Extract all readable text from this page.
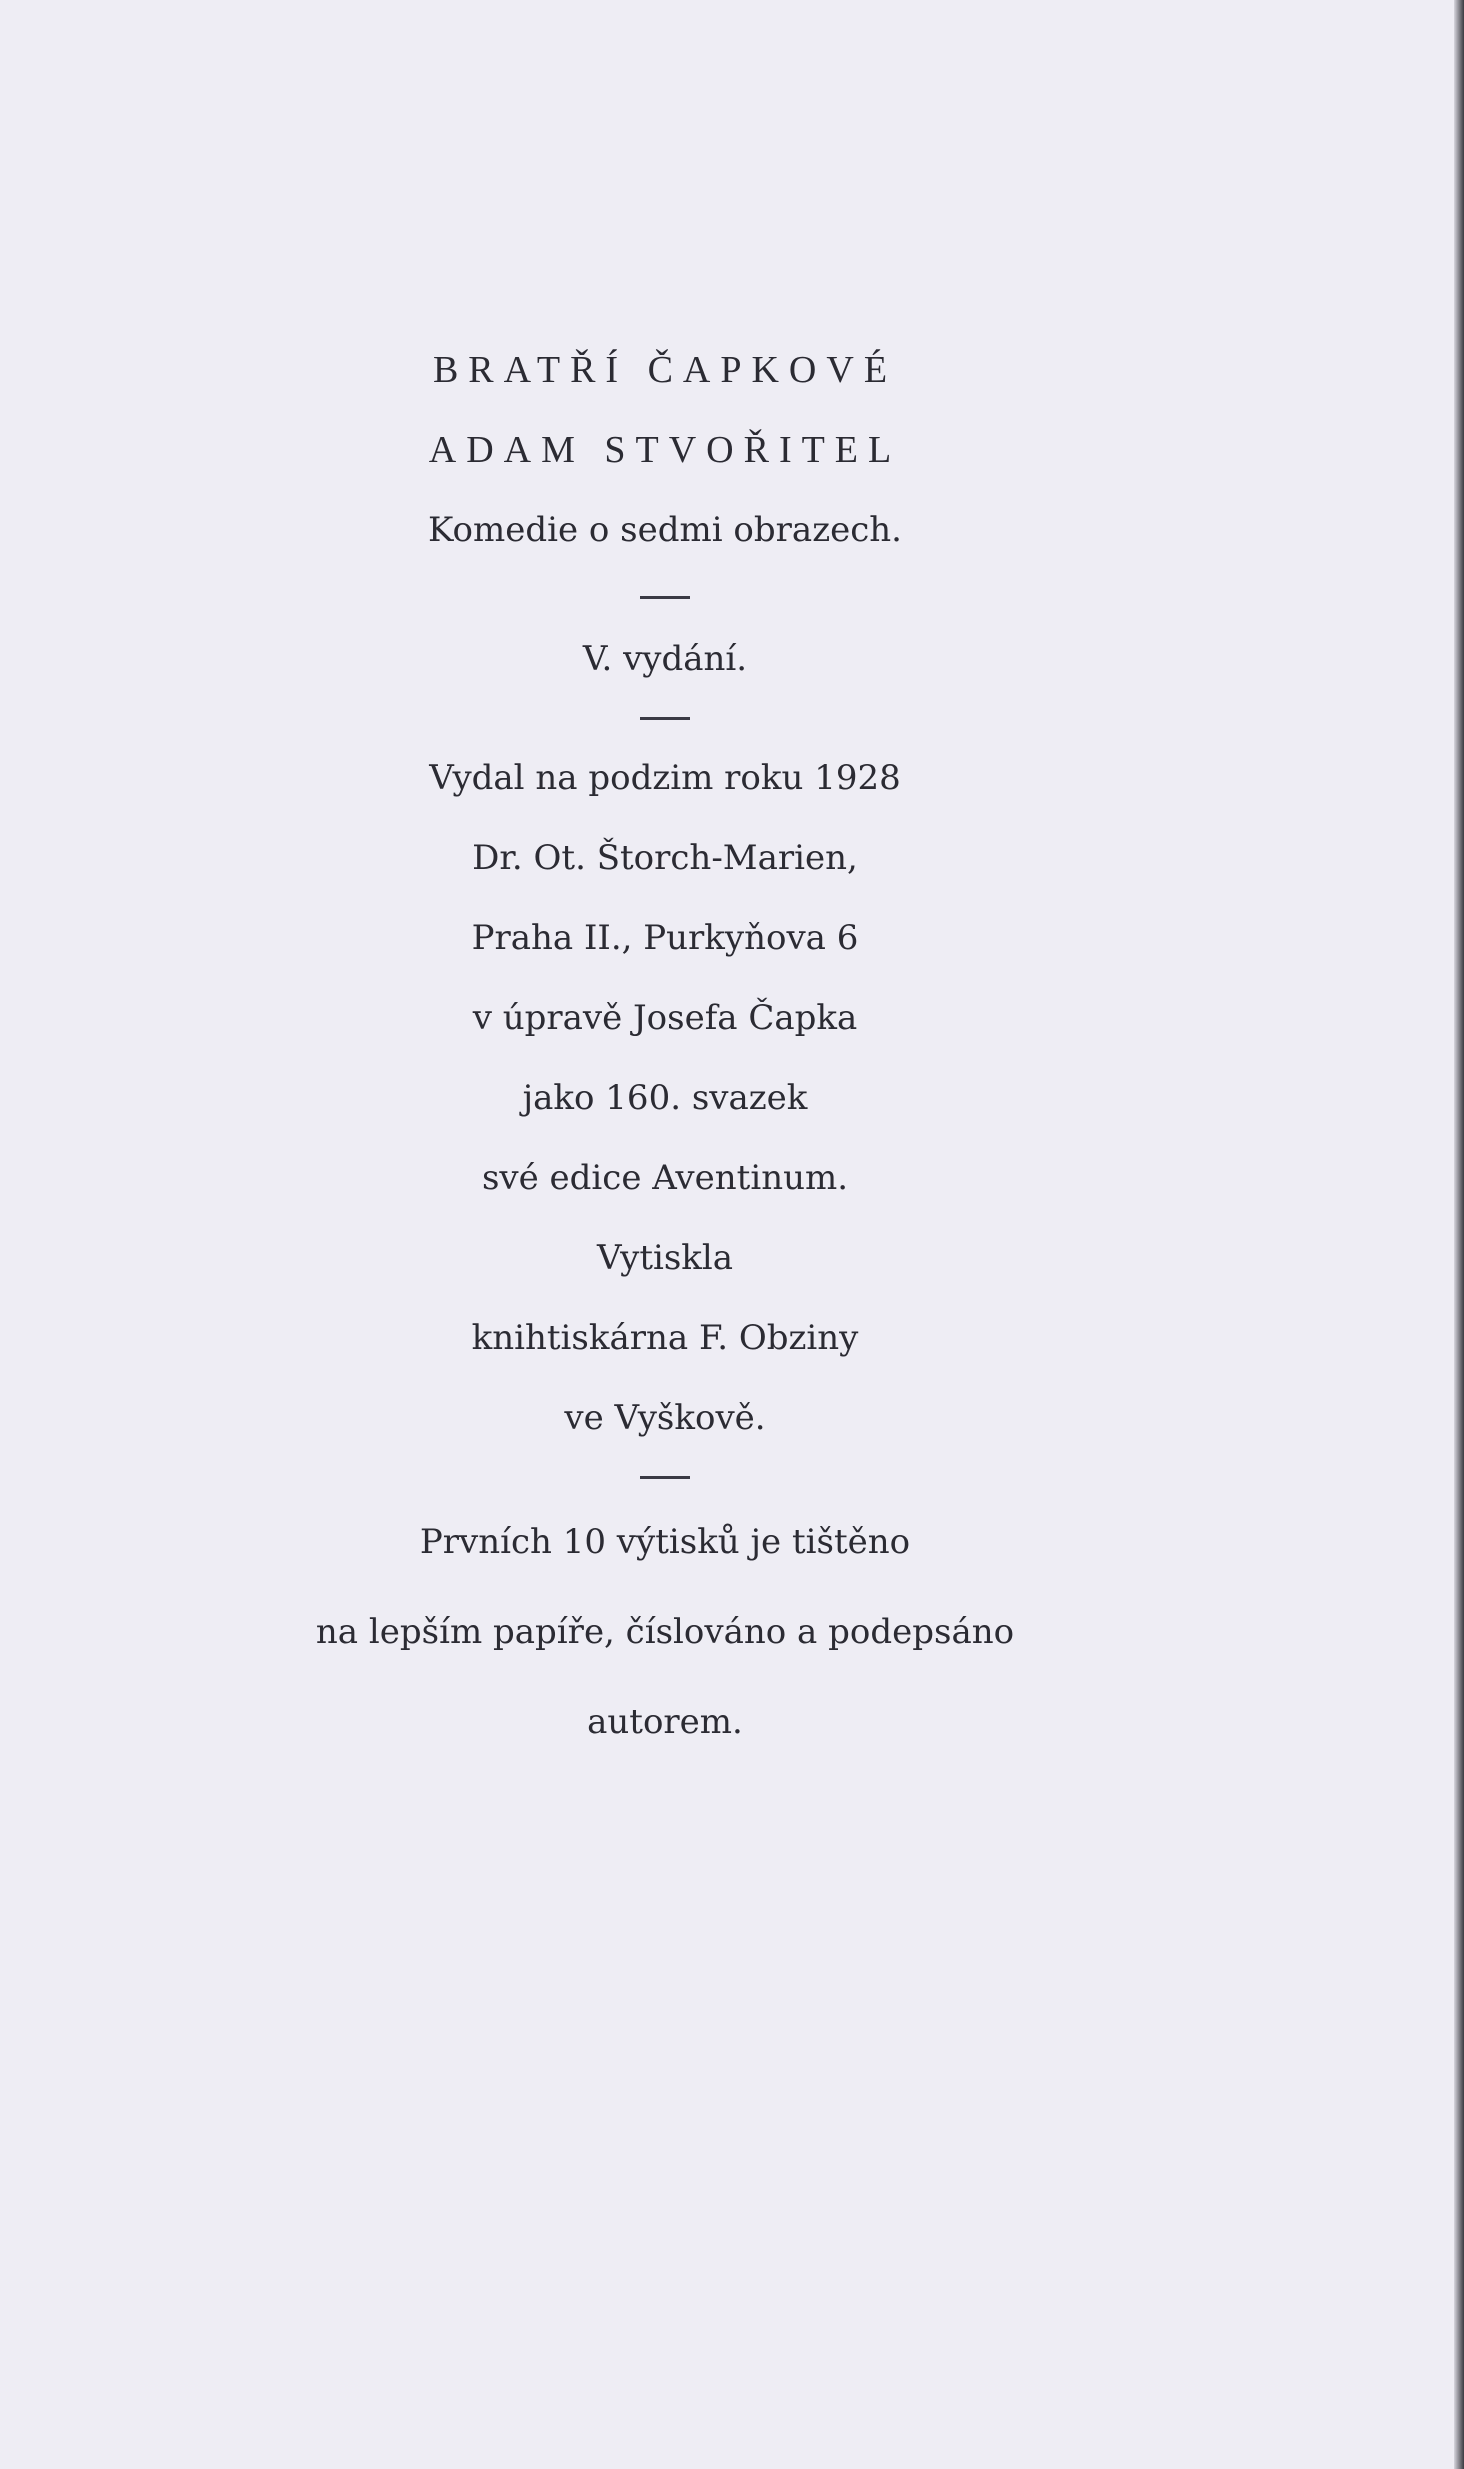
BRATŘÍ ČAPKOVÉ
ADAM STVOŘITEL
Komedie o sedmi obrazech.
V. vydání.
Vydal na podzim roku 1928
Dr. Ot. Štorch-Marien,
Praha II., Purkyňova 6
v úpravě Josefa Čapka
jako 160. svazek
své edice Aventinum.
Vytiskla
knihtiskárna F. Obziny
ve Vyškově.
Prvních 10 výtisků je tištěno
na lepším papíře, číslováno a podepsáno
autorem.
